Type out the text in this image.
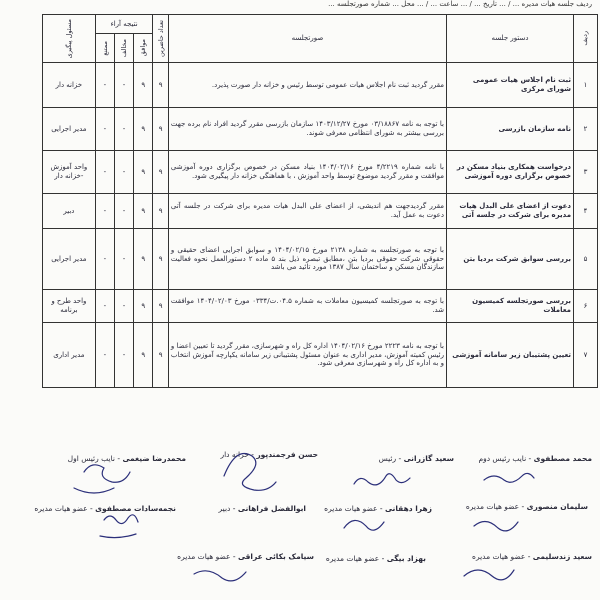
ردیف جلسه هیات مدیره ... / ... تاریخ ... / ... ساعت ... / ... محل ... شماره صورتجلسه ...
ردیف	دستور جلسه	صورتجلسه	تعداد حاضرین	نتیجه آراء			مسئول پیگیری

				موافق	مخالف	ممتنع	

۱	ثبت نام اجلاس هیات عمومی شورای مرکزی	مقرر گردید ثبت نام اجلاس هیات عمومی توسط رئیس و خزانه دار صورت پذیرد.	۹	۹	-	-	خزانه دار
۲	نامه سازمان بازرسی	با توجه به نامه ۰۳/۱۸۸۶۷ مورخ ۱۴۰۳/۱۲/۲۷ سازمان بازرسی مقرر گردید افراد نام برده جهت بررسی بیشتر به شورای انتظامی معرفی شوند.	۹	۹	-	-	مدیر اجرایی
۳	درخواست همکاری بنیاد مسکن در خصوص برگزاری دوره آموزشی	با نامه شماره ۴/۲۲۱۹ مورخ ۱۴۰۴/۰۲/۱۶ بنیاد مسکن در خصوص برگزاری دوره آموزشی موافقت و مقرر گردید موضوع توسط واحد آموزش ، با هماهنگی خزانه دار پیگیری شود.	۹	۹	-	-	واحد آموزش -خزانه دار
۴	دعوت از اعضای علی البدل هیات مدیره برای شرکت در جلسه آتی	مقرر گردیدجهت هم اندیشی، از اعضای علی البدل هیات مدیره برای شرکت در جلسه آتی دعوت به عمل آید.	۹	۹	-	-	دبیر
۵	بررسی سوابق شرکت بردیا بتن	با توجه به صورتجلسه به شماره ۲۱۳۸ مورخ ۱۴۰۴/۰۲/۱۵ و سوابق اجرایی اعضای حقیقی و حقوقی شرکت حقوقی بردیا بتن ،مطابق تبصره ذیل بند ۵ ماده ۲ دستورالعمل نحوه فعالیت سازندگان مسکن و ساختمان سال ۱۳۸۷ مورد تائید می باشد	۹	۹	-	-	مدیر اجرایی
۶	بررسی صورتجلسه کمیسیون معاملات	با توجه به صورتجلسه کمیسیون معاملات به شماره ۰۴.۵.ت/۰۳۳۴ مورخ ۱۴۰۴/۰۲/۰۳ موافقت شد.	۹	۹	-	-	واحد طرح و برنامه
۷	تعیین پشتیبان زیر سامانه آموزشی	با توجه به نامه ۲۲۲۳ مورخ ۱۴۰۴/۰۲/۱۶ اداره کل راه و شهرسازی، مقرر گردید تا تعیین اعضا و رئیس کمیته آموزش، مدیر اداری به عنوان مسئول پشتیبانی زیر سامانه یکپارچه آموزش انتخاب و به اداره کل راه و شهرسازی معرفی شود.	۹	۹	-	-	مدیر اداری
محمد مصطفوی - نایب رئیس دوم
سعید گازرانی - رئیس
حسن فرجمندپور - خزانه دار
محمدرضا ضیغمی - نایب رئیس اول
سلیمان منصوری - عضو هیات مدیره
زهرا دهقانی - عضو هیات مدیره
ابوالفضل فراهانی - دبیر
نجمه‌سادات مصطفوی - عضو هیات مدیره
سعید زندسلیمی - عضو هیات مدیره
بهزاد بیگی - عضو هیات مدیره
سیامک بکائی عراقی - عضو هیات مدیره
